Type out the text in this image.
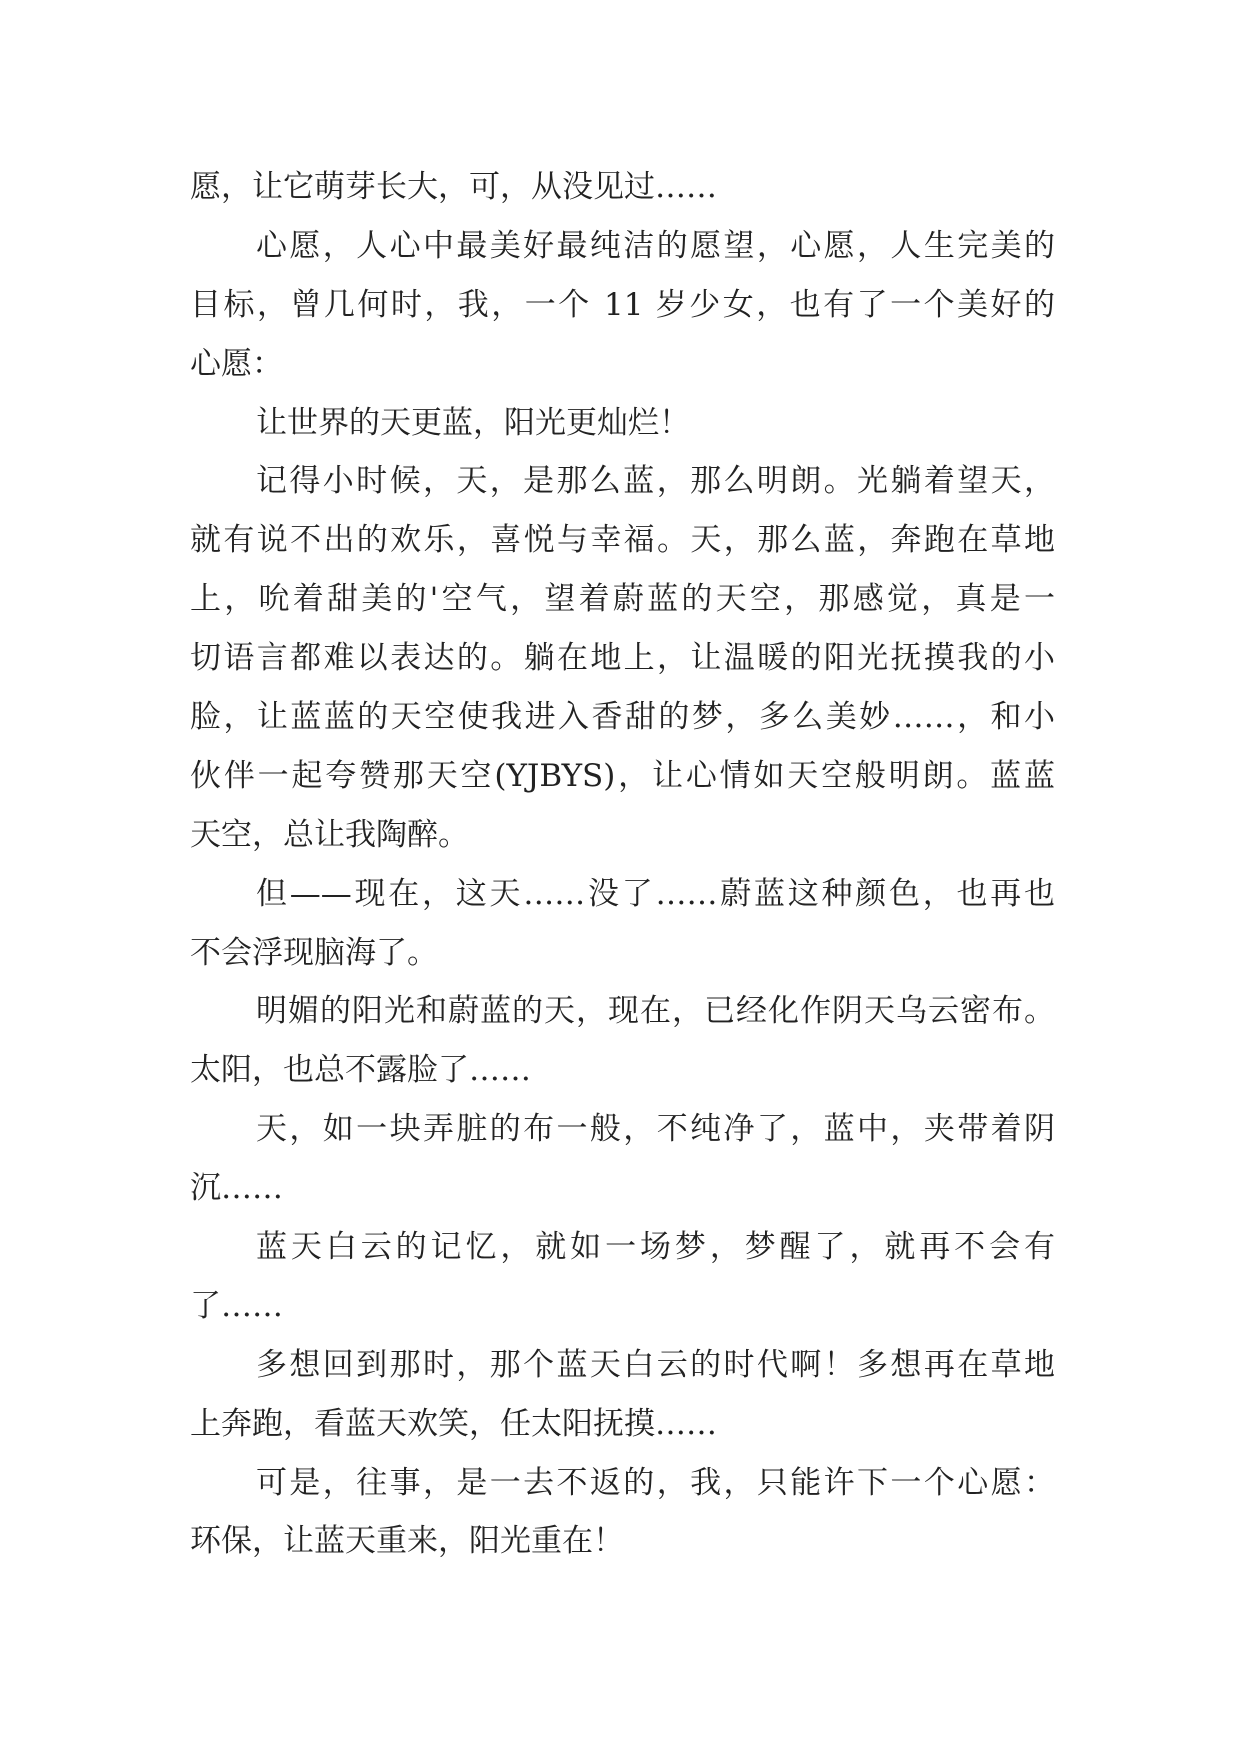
愿，让它萌芽长大，可，从没见过……
心愿，人心中最美好最纯洁的愿望，心愿，人生完美的
目标，曾几何时，我，一个 11 岁少女，也有了一个美好的
心愿：
让世界的天更蓝，阳光更灿烂！
记得小时候，天，是那么蓝，那么明朗。光躺着望天，
就有说不出的欢乐，喜悦与幸福。天，那么蓝，奔跑在草地
上，吮着甜美的'空气，望着蔚蓝的天空，那感觉，真是一
切语言都难以表达的。躺在地上，让温暖的阳光抚摸我的小
脸，让蓝蓝的天空使我进入香甜的梦，多么美妙……，和小
伙伴一起夸赞那天空(YJBYS)，让心情如天空般明朗。蓝蓝
天空，总让我陶醉。
但——现在，这天……没了……蔚蓝这种颜色，也再也
不会浮现脑海了。
明媚的阳光和蔚蓝的天，现在，已经化作阴天乌云密布。
太阳，也总不露脸了……
天，如一块弄脏的布一般，不纯净了，蓝中，夹带着阴
沉……
蓝天白云的记忆，就如一场梦，梦醒了，就再不会有
了……
多想回到那时，那个蓝天白云的时代啊！多想再在草地
上奔跑，看蓝天欢笑，任太阳抚摸……
可是，往事，是一去不返的，我，只能许下一个心愿：
环保，让蓝天重来，阳光重在！
